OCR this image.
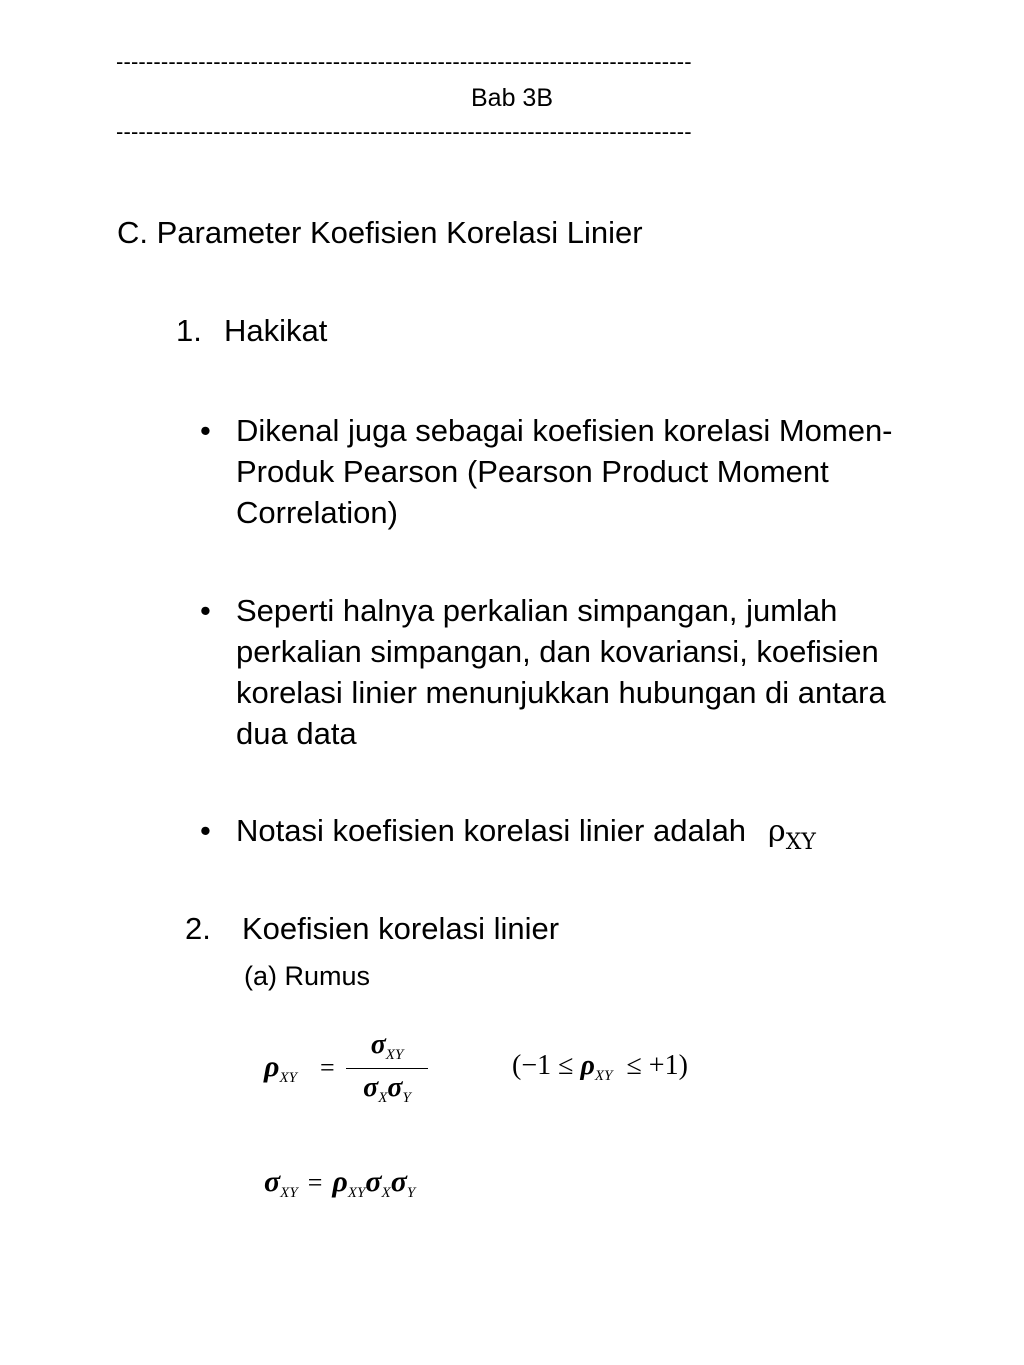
-----------------------------------------------------------------------------
Bab 3B
-----------------------------------------------------------------------------
C. Parameter Koefisien Korelasi Linier
1. Hakikat
• Dikenal juga sebagai koefisien korelasi Momen-Produk Pearson (Pearson Product Moment Correlation)
• Seperti halnya perkalian simpangan, jumlah perkalian simpangan, dan kovariansi, koefisien korelasi linier menunjukkan hubungan di antara dua data
• Notasi koefisien korelasi linier adalah $\rho_{XY}$
2. Koefisien korelasi linier
(a) Rumus
$\rho_{XY}$ =
$\sigma_{XY}$
$\sigma_X\sigma_Y$
$(-1 \le \rho_{XY} \le +1)$
$\sigma_{XY} = \rho_{XY}\sigma_X\sigma_Y$
